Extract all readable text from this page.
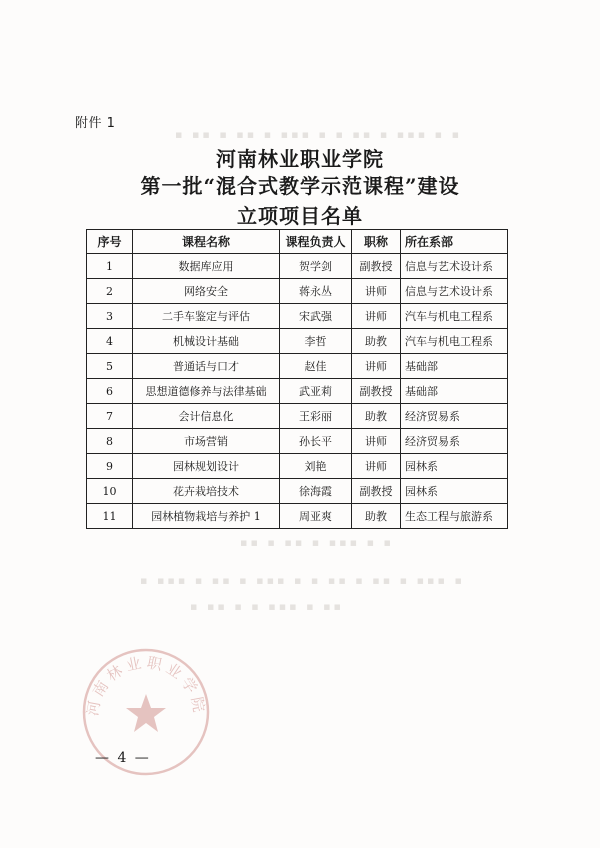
▪ ▪▪ ▪ ▪▪ ▪ ▪▪▪ ▪ ▪ ▪▪ ▪ ▪▪▪ ▪ ▪
▪▪ ▪ ▪▪ ▪ ▪▪▪ ▪ ▪
▪ ▪▪▪ ▪ ▪▪ ▪ ▪▪▪ ▪ ▪ ▪▪ ▪ ▪▪ ▪ ▪▪▪ ▪
▪ ▪▪ ▪ ▪ ▪▪▪ ▪ ▪▪
附件 1
河南林业职业学院
第一批“混合式教学示范课程”建设
立项项目名单
序号	课程名称	课程负责人	职称	所在系部
1	数据库应用	贺学剑	副教授	信息与艺术设计系
2	网络安全	蒋永丛	讲师	信息与艺术设计系
3	二手车鉴定与评估	宋武强	讲师	汽车与机电工程系
4	机械设计基础	李哲	助教	汽车与机电工程系
5	普通话与口才	赵佳	讲师	基础部
6	思想道德修养与法律基础	武亚莉	副教授	基础部
7	会计信息化	王彩丽	助教	经济贸易系
8	市场营销	孙长平	讲师	经济贸易系
9	园林规划设计	刘艳	讲师	园林系
10	花卉栽培技术	徐海霞	副教授	园林系
11	园林植物栽培与养护 1	周亚爽	助教	生态工程与旅游系
河南林业职业学院
— 4 —
